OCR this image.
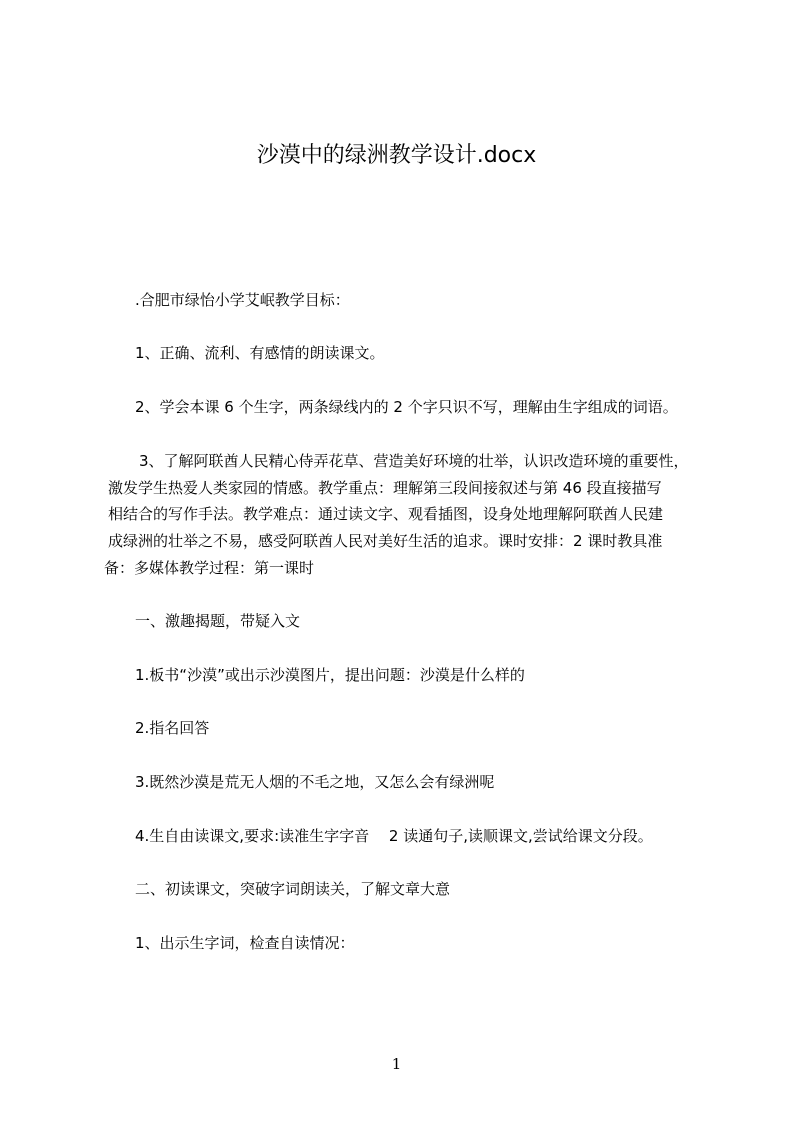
沙漠中的绿洲教学设计.docx
.合肥市绿怡小学艾岷教学目标：
1、正确、流利、有感情的朗读课文。
2、学会本课 6 个生字，两条绿线内的 2 个字只识不写，理解由生字组成的词语。
3、了解阿联酋人民精心侍弄花草、营造美好环境的壮举，认识改造环境的重要性，
激发学生热爱人类家园的情感。教学重点：理解第三段间接叙述与第 46 段直接描写
相结合的写作手法。教学难点：通过读文字、观看插图，设身处地理解阿联酋人民建
成绿洲的壮举之不易，感受阿联酋人民对美好生活的追求。课时安排：2 课时教具准
备：多媒体教学过程：第一课时
一、激趣揭题，带疑入文
1.板书“沙漠”或出示沙漠图片，提出问题：沙漠是什么样的
2.指名回答
3.既然沙漠是荒无人烟的不毛之地，又怎么会有绿洲呢
4.生自由读课文,要求:读准生字字音　 2 读通句子,读顺课文,尝试给课文分段。
二、初读课文，突破字词朗读关，了解文章大意
1、出示生字词，检查自读情况：
1
